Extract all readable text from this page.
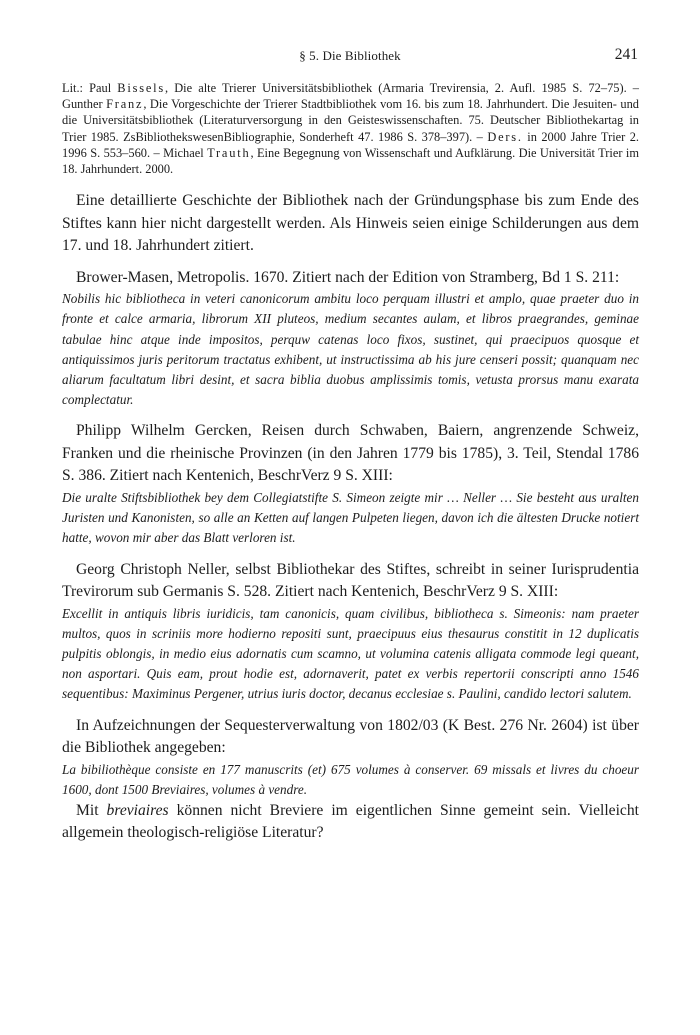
§ 5. Die Bibliothek	241

Lit.: Paul Bissels, Die alte Trierer Universitätsbibliothek (Armaria Trevirensia, 2. Aufl. 1985 S. 72–75). – Gunther Franz, Die Vorgeschichte der Trierer Stadtbibliothek vom 16. bis zum 18. Jahrhundert. Die Jesuiten- und die Universitätsbibliothek (Literaturversorgung in den Geisteswissenschaften. 75. Deutscher Bibliothekartag in Trier 1985. ZsBibliothekswesenBibliographie, Sonderheft 47. 1986 S. 378–397). – Ders. in 2000 Jahre Trier 2. 1996 S. 553–560. – Michael Trauth, Eine Begegnung von Wissenschaft und Aufklärung. Die Universität Trier im 18. Jahrhundert. 2000.

Eine detaillierte Geschichte der Bibliothek nach der Gründungsphase bis zum Ende des Stiftes kann hier nicht dargestellt werden. Als Hinweis seien einige Schilderungen aus dem 17. und 18. Jahrhundert zitiert.

Brower-Masen, Metropolis. 1670. Zitiert nach der Edition von Stramberg, Bd 1 S. 211:

Nobilis hic bibliotheca in veteri canonicorum ambitu loco perquam illustri et amplo, quae praeter duo in fronte et calce armaria, librorum XII pluteos, medium secantes aulam, et libros praegrandes, geminae tabulae hinc atque inde impositos, perquw catenas loco fixos, sustinet, qui praecipuos quosque et antiquissimos juris peritorum tractatus exhibent, ut instructissima ab his jure censeri possit; quanquam nec aliarum facultatum libri desint, et sacra biblia duobus amplissimis tomis, vetusta prorsus manu exarata complectatur.

Philipp Wilhelm Gercken, Reisen durch Schwaben, Baiern, angrenzende Schweiz, Franken und die rheinische Provinzen (in den Jahren 1779 bis 1785), 3. Teil, Stendal 1786 S. 386. Zitiert nach Kentenich, BeschrVerz 9 S. XIII:

Die uralte Stiftsbibliothek bey dem Collegiatstifte S. Simeon zeigte mir … Neller … Sie besteht aus uralten Juristen und Kanonisten, so alle an Ketten auf langen Pulpeten liegen, davon ich die ältesten Drucke notiert hatte, wovon mir aber das Blatt verloren ist.

Georg Christoph Neller, selbst Bibliothekar des Stiftes, schreibt in seiner Iurisprudentia Trevirorum sub Germanis S. 528. Zitiert nach Kentenich, BeschrVerz 9 S. XIII:

Excellit in antiquis libris iuridicis, tam canonicis, quam civilibus, bibliotheca s. Simeonis: nam praeter multos, quos in scriniis more hodierno repositi sunt, praecipuus eius thesaurus constitit in 12 duplicatis pulpitis oblongis, in medio eius adornatis cum scamno, ut volumina catenis alligata commode legi queant, non asportari. Quis eam, prout hodie est, adornaverit, patet ex verbis repertorii conscripti anno 1546 sequentibus: Maximinus Pergener, utrius iuris doctor, decanus ecclesiae s. Paulini, candido lectori salutem.

In Aufzeichnungen der Sequesterverwaltung von 1802/03 (K Best. 276 Nr. 2604) ist über die Bibliothek angegeben:

La bibiliothèque consiste en 177 manuscrits (et) 675 volumes à conserver. 69 missals et livres du choeur 1600, dont 1500 Breviaires, volumes à vendre.

Mit breviaires können nicht Breviere im eigentlichen Sinne gemeint sein. Vielleicht allgemein theologisch-religiöse Literatur?
